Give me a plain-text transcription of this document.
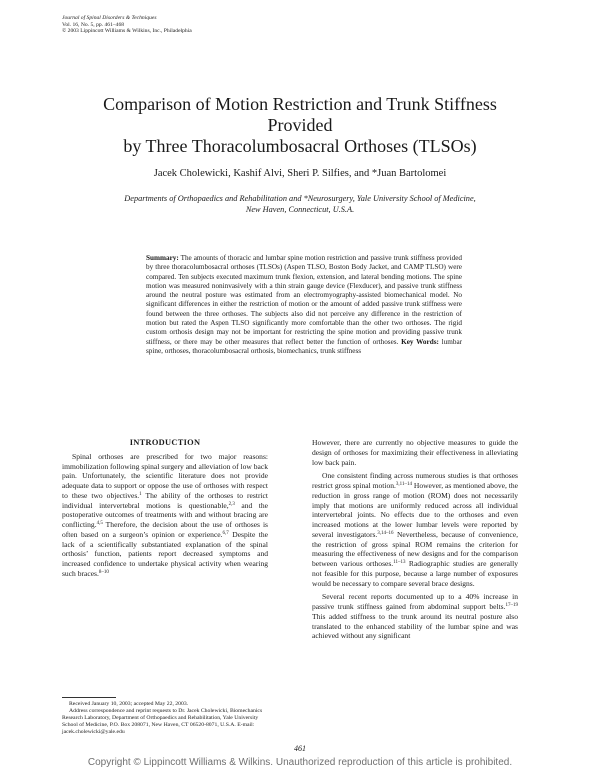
Journal of Spinal Disorders & Techniques
Vol. 16, No. 5, pp. 461–468
© 2003 Lippincott Williams & Wilkins, Inc., Philadelphia
Comparison of Motion Restriction and Trunk Stiffness Provided
by Three Thoracolumbosacral Orthoses (TLSOs)
Jacek Cholewicki, Kashif Alvi, Sheri P. Silfies, and *Juan Bartolomei
Departments of Orthopaedics and Rehabilitation and *Neurosurgery, Yale University School of Medicine,
New Haven, Connecticut, U.S.A.
Summary: The amounts of thoracic and lumbar spine motion restriction and passive trunk stiffness provided by three thoracolumbosacral orthoses (TLSOs) (Aspen TLSO, Boston Body Jacket, and CAMP TLSO) were compared. Ten subjects executed maximum trunk flexion, extension, and lateral bending motions. The spine motion was measured noninvasively with a thin strain gauge device (Flexducer), and passive trunk stiffness around the neutral posture was estimated from an electromyography-assisted biomechanical model. No significant differences in either the restriction of motion or the amount of added passive trunk stiffness were found between the three orthoses. The subjects also did not perceive any difference in the restriction of motion but rated the Aspen TLSO significantly more comfortable than the other two orthoses. The rigid custom orthosis design may not be important for restricting the spine motion and providing passive trunk stiffness, or there may be other measures that reflect better the function of orthoses. Key Words: lumbar spine, orthoses, thoracolumbosacral orthosis, biomechanics, trunk stiffness

INTRODUCTION

Spinal orthoses are prescribed for two major reasons: immobilization following spinal surgery and alleviation of low back pain. Unfortunately, the scientific literature does not provide adequate data to support or oppose the use of orthoses with respect to these two objectives.$^1$ The ability of the orthoses to restrict individual intervertebral motions is questionable,$^{2,3}$ and the postoperative outcomes of treatments with and without bracing are conflicting.$^{4,5}$ Therefore, the decision about the use of orthoses is often based on a surgeon’s opinion or experience.$^{6,7}$ Despite the lack of a scientifically substantiated explanation of the spinal orthosis’ function, patients report decreased symptoms and increased confidence to undertake physical activity when wearing such braces.$^{8-10}$

However, there are currently no objective measures to guide the design of orthoses for maximizing their effectiveness in alleviating low back pain.

One consistent finding across numerous studies is that orthoses restrict gross spinal motion.$^{3,11-14}$ However, as mentioned above, the reduction in gross range of motion (ROM) does not necessarily imply that motions are uniformly reduced across all individual intervertebral joints. No effects due to the orthoses and even increased motions at the lower lumbar levels were reported by several investigators.$^{3,14-16}$ Nevertheless, because of convenience, the restriction of gross spinal ROM remains the criterion for measuring the effectiveness of new designs and for the comparison between various orthoses.$^{11-13}$ Radiographic studies are generally not feasible for this purpose, because a large number of exposures would be necessary to compare several brace designs.

Several recent reports documented up to a 40% increase in passive trunk stiffness gained from abdominal support belts.$^{17-19}$ This added stiffness to the trunk around its neutral posture also translated to the enhanced stability of the lumbar spine and was achieved without any significant

Received January 10, 2003; accepted May 22, 2003.

Address correspondence and reprint requests to Dr. Jacek Cholewicki, Biomechanics Research Laboratory, Department of Orthopaedics and Rehabilitation, Yale University School of Medicine, P.O. Box 208071, New Haven, CT 06520-8071, U.S.A. E-mail: jacek.cholewicki@yale.edu

461
Copyright © Lippincott Williams & Wilkins. Unauthorized reproduction of this article is prohibited.
